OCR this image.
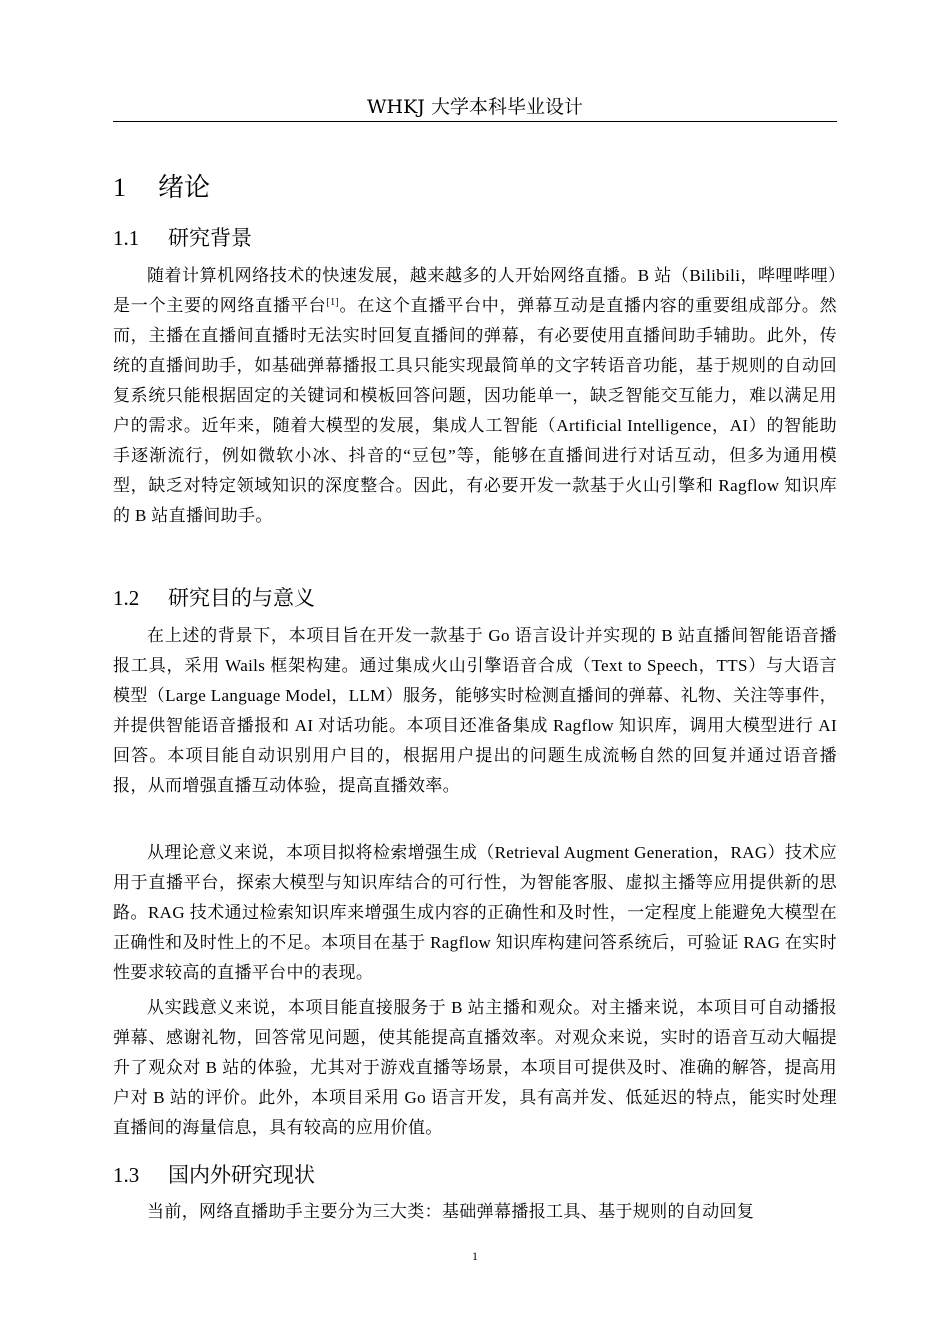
WHKJ 大学本科毕业设计
1 绪论
1.1 研究背景

随着计算机网络技术的快速发展，越来越多的人开始网络直播。B 站（Bilibili，哔哩哔哩）是一个主要的网络直播平台[1]。在这个直播平台中，弹幕互动是直播内容的重要组成部分。然而，主播在直播间直播时无法实时回复直播间的弹幕，有必要使用直播间助手辅助。此外，传统的直播间助手，如基础弹幕播报工具只能实现最简单的文字转语音功能，基于规则的自动回复系统只能根据固定的关键词和模板回答问题，因功能单一，缺乏智能交互能力，难以满足用户的需求。近年来，随着大模型的发展，集成人工智能（Artificial Intelligence，AI）的智能助手逐渐流行，例如微软小冰、抖音的“豆包”等，能够在直播间进行对话互动，但多为通用模型，缺乏对特定领域知识的深度整合。因此，有必要开发一款基于火山引擎和 Ragflow 知识库的 B 站直播间助手。

1.2 研究目的与意义

在上述的背景下，本项目旨在开发一款基于 Go 语言设计并实现的 B 站直播间智能语音播报工具，采用 Wails 框架构建。通过集成火山引擎语音合成（Text to Speech，TTS）与大语言模型（Large Language Model，LLM）服务，能够实时检测直播间的弹幕、礼物、关注等事件，并提供智能语音播报和 AI 对话功能。本项目还准备集成 Ragflow 知识库，调用大模型进行 AI 回答。本项目能自动识别用户目的，根据用户提出的问题生成流畅自然的回复并通过语音播报，从而增强直播互动体验，提高直播效率。

从理论意义来说，本项目拟将检索增强生成（Retrieval Augment Generation，RAG）技术应用于直播平台，探索大模型与知识库结合的可行性，为智能客服、虚拟主播等应用提供新的思路。RAG 技术通过检索知识库来增强生成内容的正确性和及时性，一定程度上能避免大模型在正确性和及时性上的不足。本项目在基于 Ragflow 知识库构建问答系统后，可验证 RAG 在实时性要求较高的直播平台中的表现。

从实践意义来说，本项目能直接服务于 B 站主播和观众。对主播来说，本项目可自动播报弹幕、感谢礼物，回答常见问题，使其能提高直播效率。对观众来说，实时的语音互动大幅提升了观众对 B 站的体验，尤其对于游戏直播等场景，本项目可提供及时、准确的解答，提高用户对 B 站的评价。此外，本项目采用 Go 语言开发，具有高并发、低延迟的特点，能实时处理直播间的海量信息，具有较高的应用价值。

1.3 国内外研究现状

当前，网络直播助手主要分为三大类：基础弹幕播报工具、基于规则的自动回复

1
